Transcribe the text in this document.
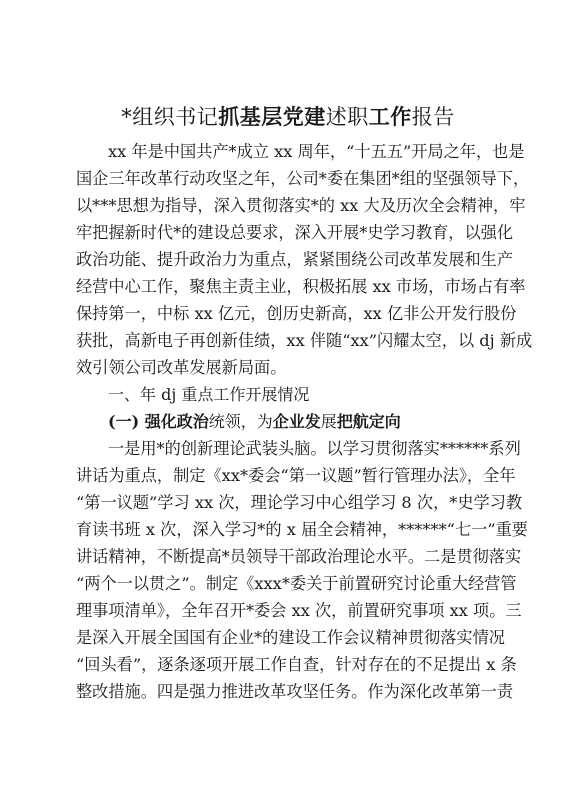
*组织书记抓基层党建述职工作报告
xx 年是中国共产*成立 xx 周年，“十五五”开局之年，也是
国企三年改革行动攻坚之年，公司*委在集团*组的坚强领导下，
以***思想为指导，深入贯彻落实*的 xx 大及历次全会精神，牢
牢把握新时代*的建设总要求，深入开展*史学习教育，以强化
政治功能、提升政治力为重点，紧紧围绕公司改革发展和生产
经营中心工作，聚焦主责主业，积极拓展 xx 市场，市场占有率
保持第一，中标 xx 亿元，创历史新高，xx 亿非公开发行股份
获批，高新电子再创新佳绩，xx 伴随“xx”闪耀太空，以 dj 新成
效引领公司改革发展新局面。
一、年 dj 重点工作开展情况
(一) 强化政治统领，为企业发展把航定向
一是用*的创新理论武装头脑。以学习贯彻落实******系列
讲话为重点，制定《xx*委会“第一议题”暂行管理办法》，全年
“第一议题”学习 xx 次，理论学习中心组学习 8 次，*史学习教
育读书班 x 次，深入学习*的 x 届全会精神，******“七一”重要
讲话精神，不断提高*员领导干部政治理论水平。二是贯彻落实
“两个一以贯之”。制定《xxx*委关于前置研究讨论重大经营管
理事项清单》，全年召开*委会 xx 次，前置研究事项 xx 项。三
是深入开展全国国有企业*的建设工作会议精神贯彻落实情况
“回头看”，逐条逐项开展工作自查，针对存在的不足提出 x 条
整改措施。四是强力推进改革攻坚任务。作为深化改革第一责
